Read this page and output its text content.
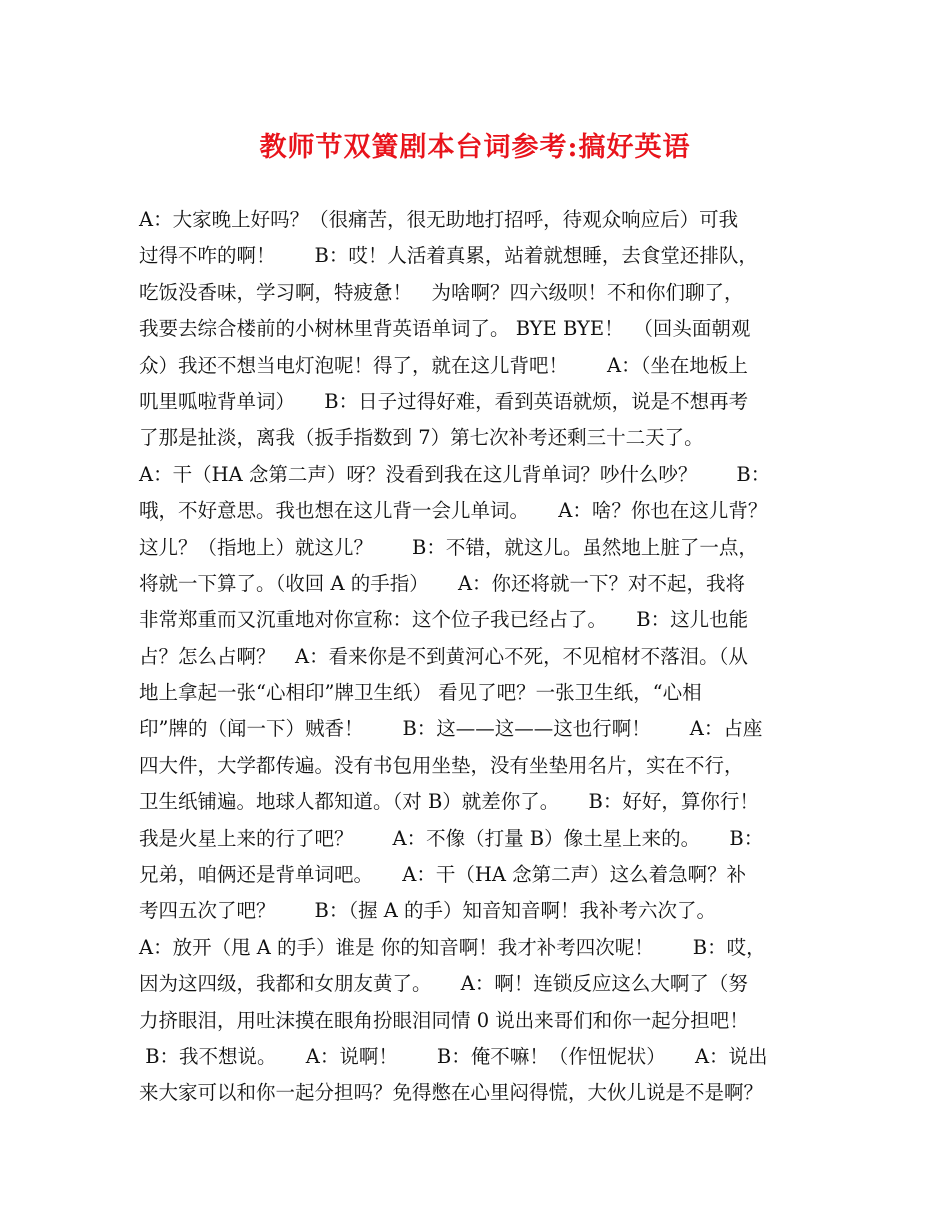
教师节双簧剧本台词参考:搞好英语
A：大家晚上好吗？（很痛苦，很无助地打招呼，待观众响应后）可我
过得不咋的啊！　　B：哎！人活着真累，站着就想睡，去食堂还排队，
吃饭没香味，学习啊，特疲惫！　为啥啊？四六级呗！不和你们聊了，
我要去综合楼前的小树林里背英语单词了。 BYE BYE！　（回头面朝观
众）我还不想当电灯泡呢！得了，就在这儿背吧！　　A：（坐在地板上
叽里呱啦背单词）　　B：日子过得好难，看到英语就烦，说是不想再考
了那是扯淡，离我（扳手指数到 7）第七次补考还剩三十二天了。
A：干（HA 念第二声）呀？没看到我在这儿背单词？吵什么吵？　　B：
哦，不好意思。我也想在这儿背一会儿单词。　　A：啥？你也在这儿背？
这儿？（指地上）就这儿？　　B：不错，就这儿。虽然地上脏了一点，
将就一下算了。（收回 A 的手指）　　A：你还将就一下？对不起，我将
非常郑重而又沉重地对你宣称：这个位子我已经占了。　　B：这儿也能
占？怎么占啊？　A：看来你是不到黄河心不死，不见棺材不落泪。（从
地上拿起一张“心相印”牌卫生纸） 看见了吧？一张卫生纸，“心相
印”牌的（闻一下）贼香！　　B：这——这——这也行啊！　　A：占座
四大件，大学都传遍。没有书包用坐垫，没有坐垫用名片，实在不行，
卫生纸铺遍。地球人都知道。（对 B）就差你了。　　B：好好，算你行！
我是火星上来的行了吧？　　A：不像（打量 B）像土星上来的。　　B：
兄弟，咱俩还是背单词吧。　　A：干（HA 念第二声）这么着急啊？补
考四五次了吧？　　B：（握 A 的手）知音知音啊！我补考六次了。
A：放开（甩 A 的手）谁是 你的知音啊！我才补考四次呢！　　B：哎，
因为这四级，我都和女朋友黄了。　　A：啊！连锁反应这么大啊了（努
力挤眼泪，用吐沫摸在眼角扮眼泪同情 0 说出来哥们和你一起分担吧！
B：我不想说。　　A：说啊！　　B：俺不嘛！（作忸怩状）　　A：说出
来大家可以和你一起分担吗？免得憋在心里闷得慌，大伙儿说是不是啊？
